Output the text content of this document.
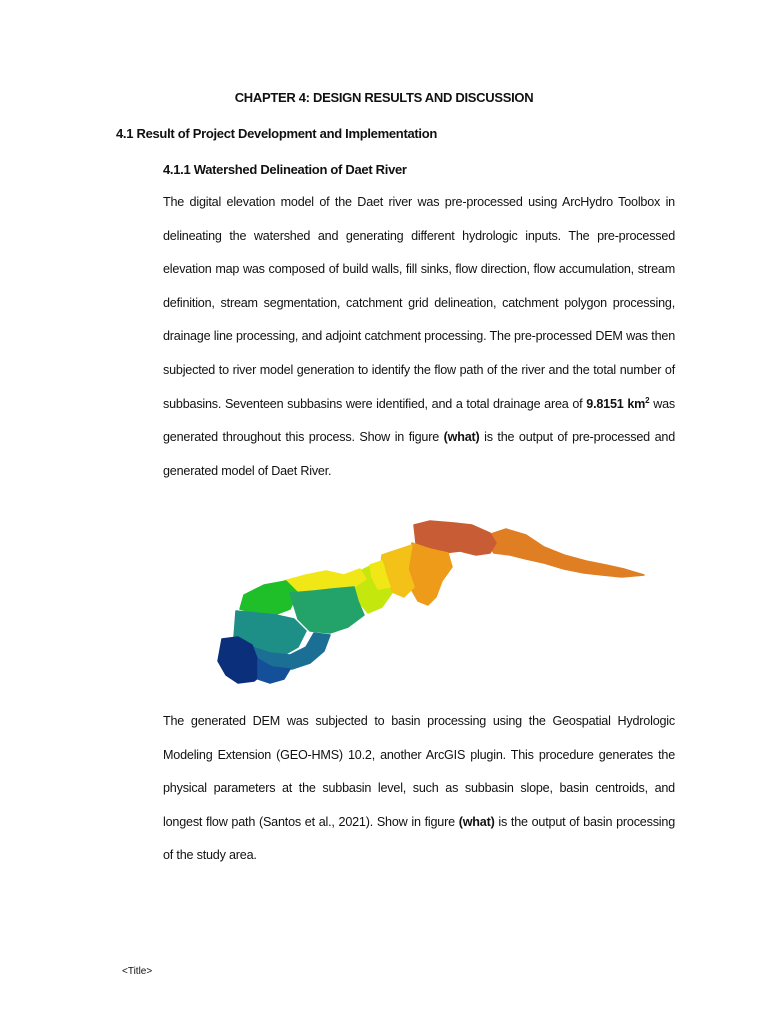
CHAPTER 4: DESIGN RESULTS AND DISCUSSION
4.1 Result of Project Development and Implementation
4.1.1 Watershed Delineation of Daet River
The digital elevation model of the Daet river was pre-processed using ArcHydro Toolbox in delineating the watershed and generating different hydrologic inputs. The pre-processed elevation map was composed of build walls, fill sinks, flow direction, flow accumulation, stream definition, stream segmentation, catchment grid delineation, catchment polygon processing, drainage line processing, and adjoint catchment processing. The pre-processed DEM was then subjected to river model generation to identify the flow path of the river and the total number of subbasins. Seventeen subbasins were identified, and a total drainage area of 9.8151 $km^2$ was generated throughout this process. Show in figure (what) is the output of pre-processed and generated model of Daet River.
The generated DEM was subjected to basin processing using the Geospatial Hydrologic Modeling Extension (GEO-HMS) 10.2, another ArcGIS plugin. This procedure generates the physical parameters at the subbasin level, such as subbasin slope, basin centroids, and longest flow path (Santos et al., 2021). Show in figure (what) is the output of basin processing of the study area.
<Title>
